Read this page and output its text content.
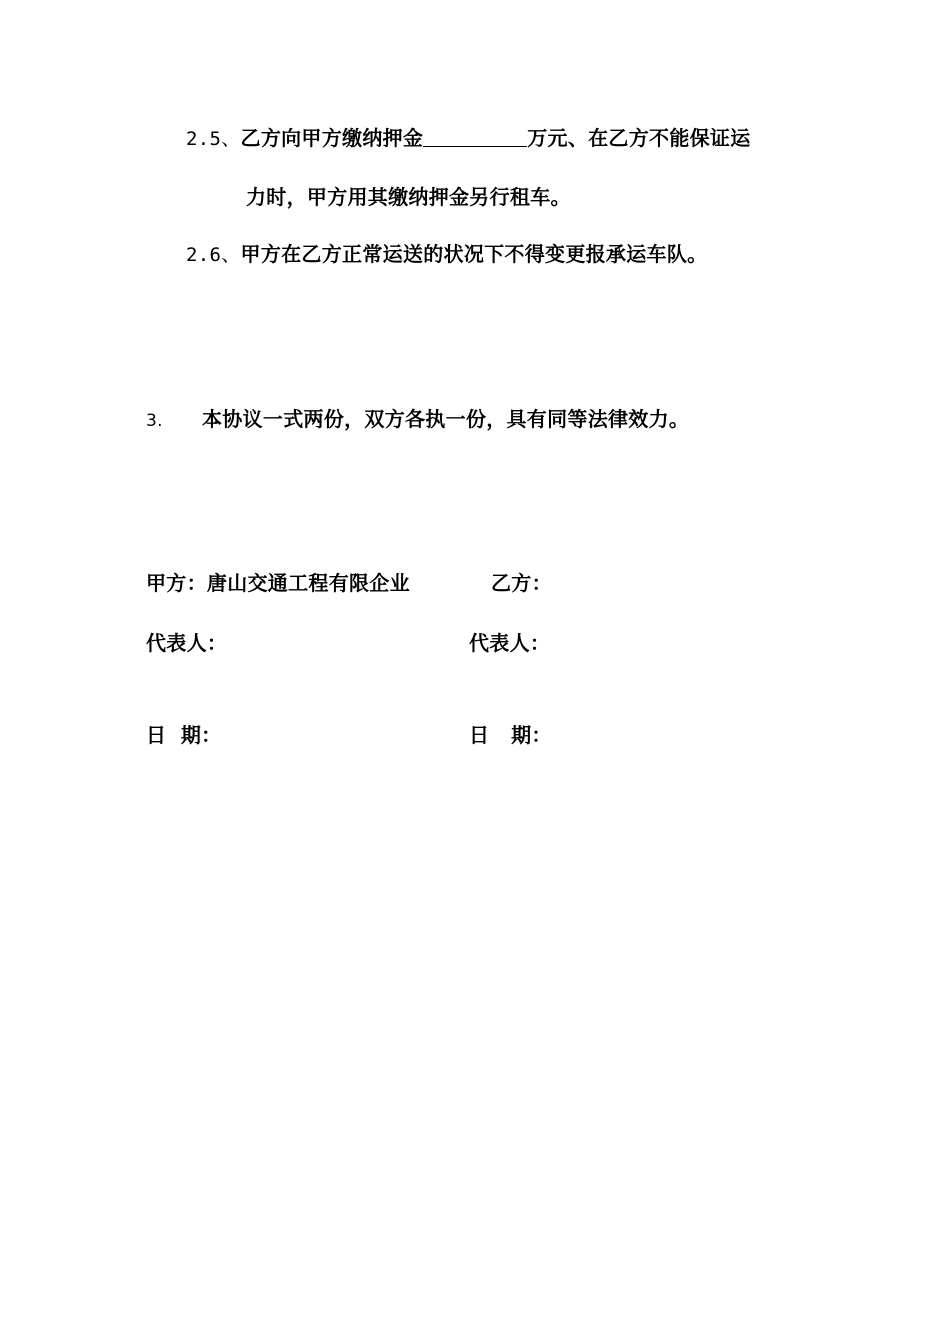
2.5、乙方向甲方缴纳押金	万元、在乙方不能保证运
力时，甲方用其缴纳押金另行租车。
2.6、甲方在乙方正常运送的状况下不得变更报承运车队。
3. 本协议一式两份，双方各执一份，具有同等法律效力。
甲方：唐山交通工程有限企业	乙方：
代表人：	代表人：
日  期：	日   期：
